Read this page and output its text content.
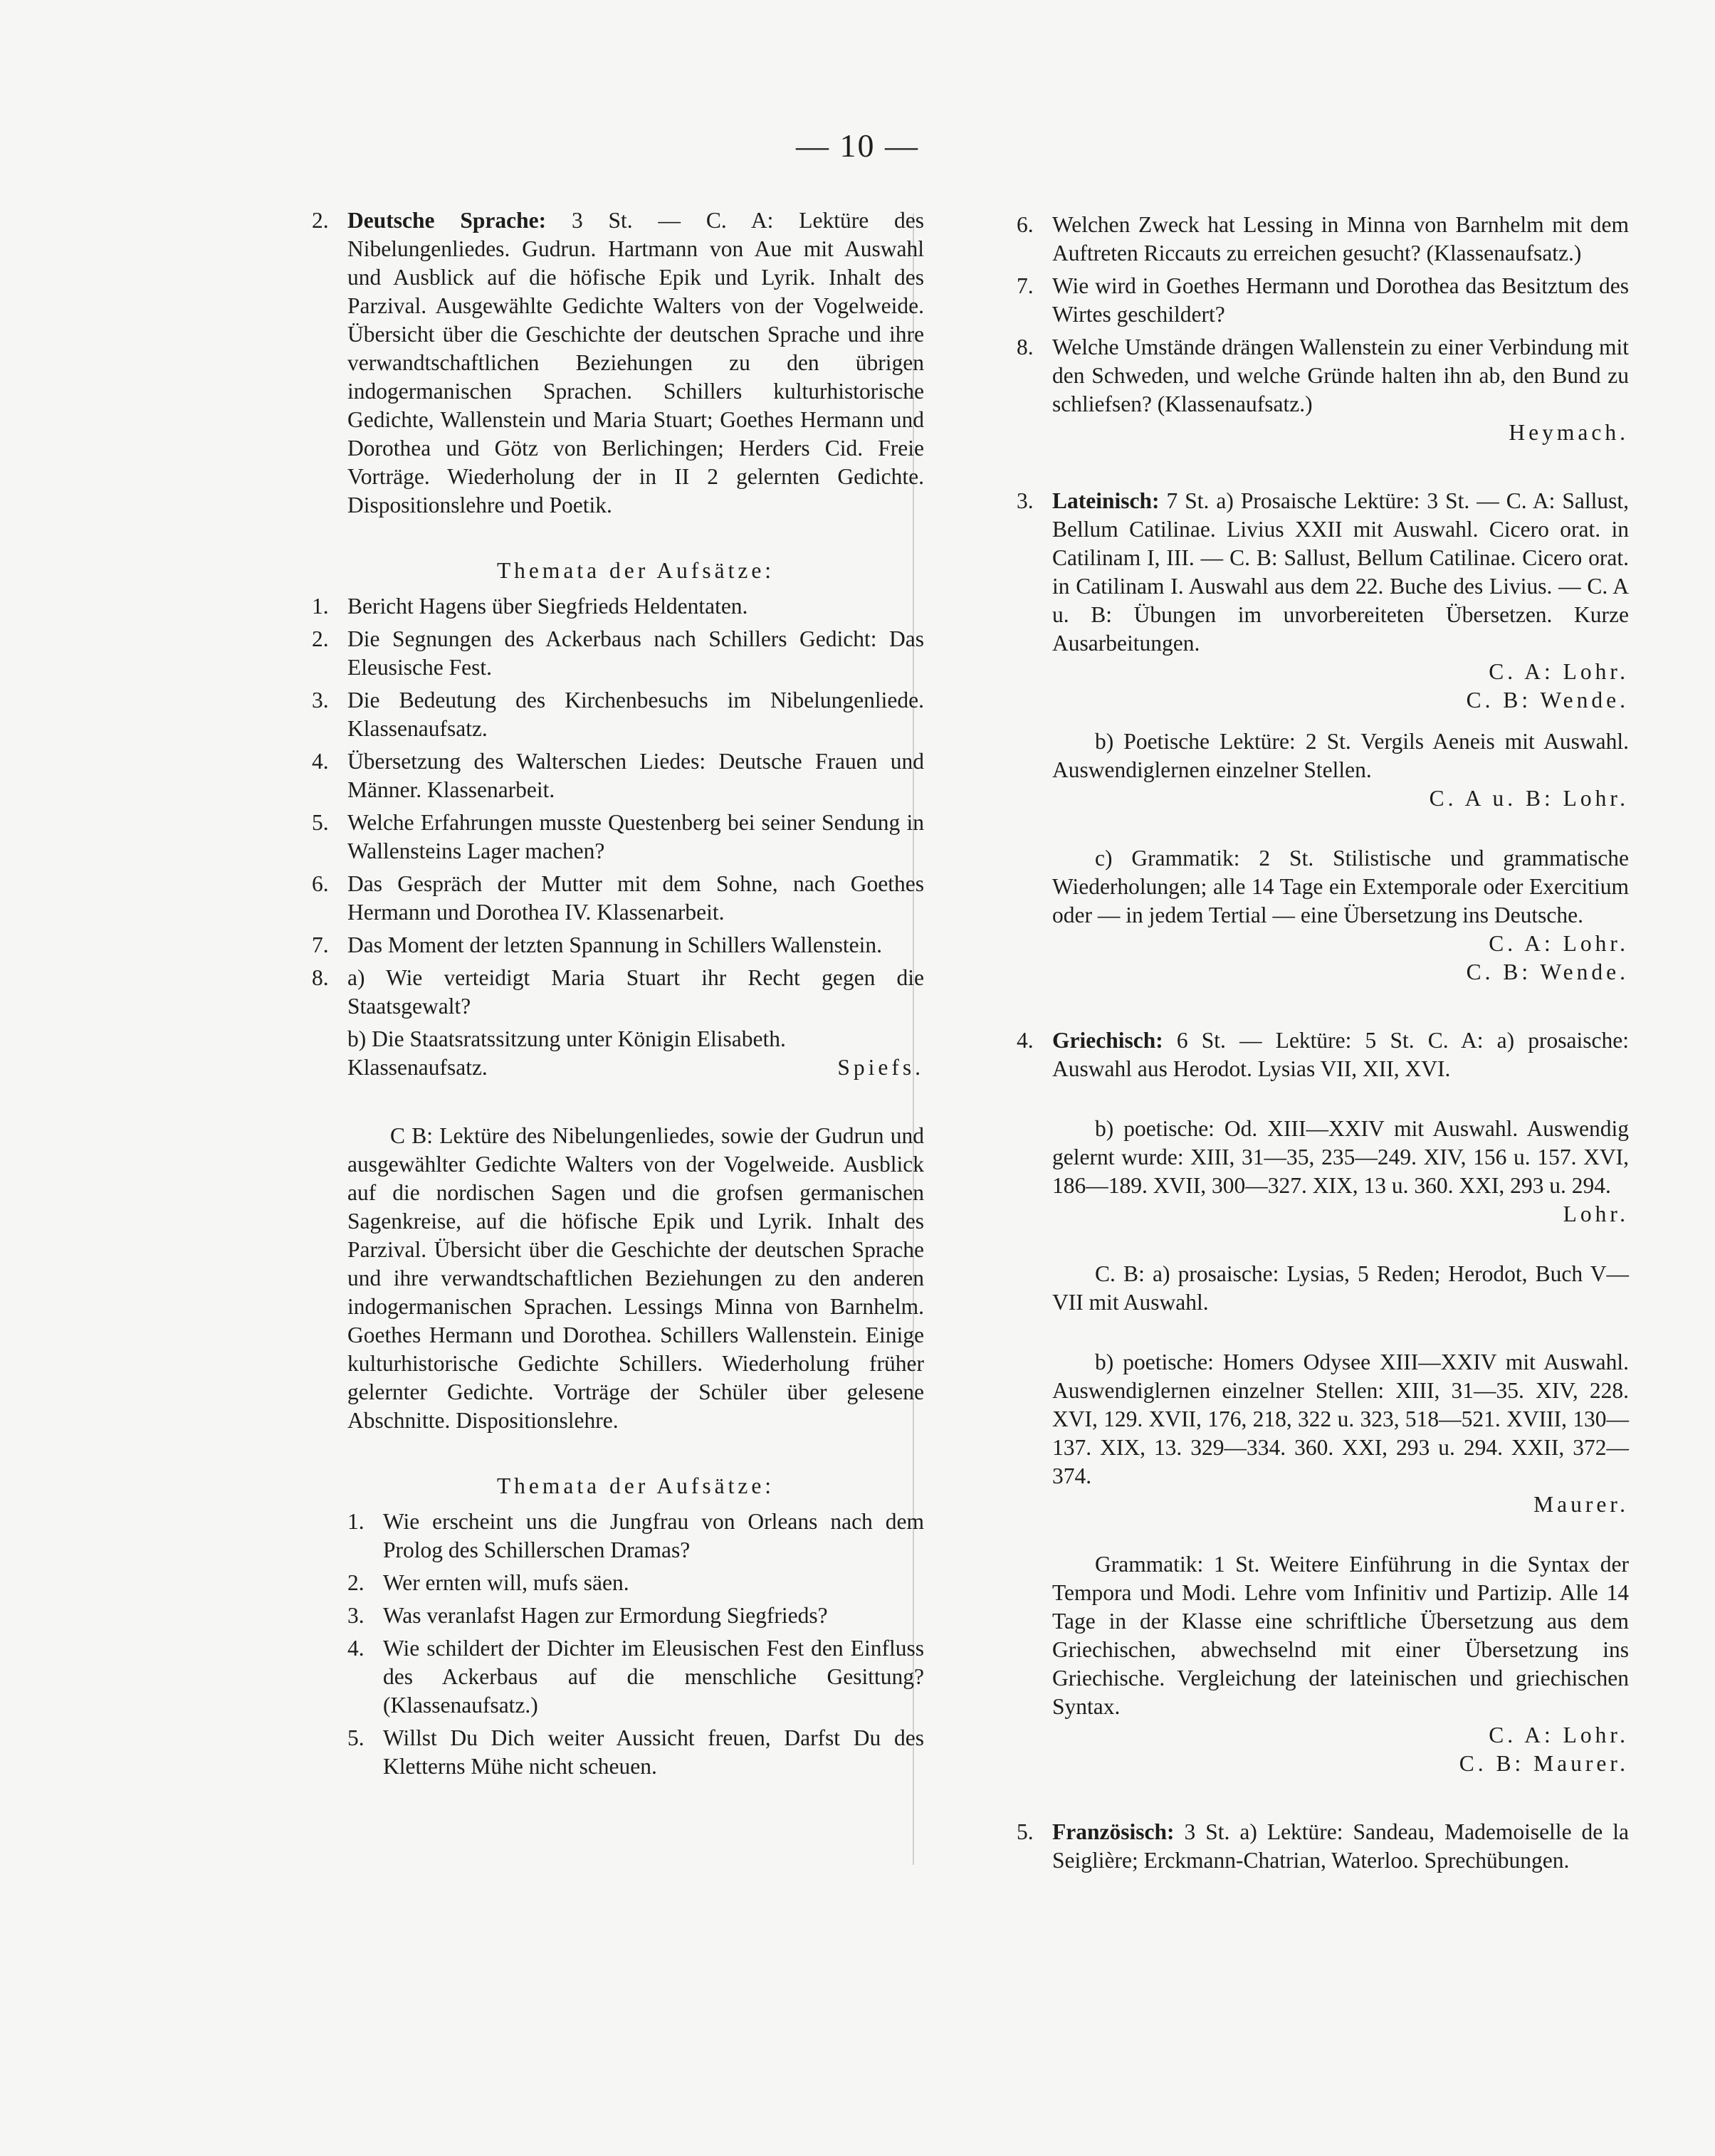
— 10 —
2. Deutsche Sprache: 3 St. — C. A: Lektüre des Nibelungenliedes. Gudrun. Hartmann von Aue mit Auswahl und Ausblick auf die höfische Epik und Lyrik. Inhalt des Parzival. Ausgewählte Gedichte Walters von der Vogelweide. Übersicht über die Geschichte der deutschen Sprache und ihre verwandtschaftlichen Beziehungen zu den übrigen indogermanischen Sprachen. Schillers kulturhistorische Gedichte, Wallenstein und Maria Stuart; Goethes Hermann und Dorothea und Götz von Berlichingen; Herders Cid. Freie Vorträge. Wiederholung der in II 2 gelernten Gedichte. Dispositionslehre und Poetik.
Themata der Aufsätze:
1. Bericht Hagens über Siegfrieds Heldentaten.
2. Die Segnungen des Ackerbaus nach Schillers Gedicht: Das Eleusische Fest.
3. Die Bedeutung des Kirchenbesuchs im Nibelungenliede. Klassenaufsatz.
4. Übersetzung des Walterschen Liedes: Deutsche Frauen und Männer. Klassenarbeit.
5. Welche Erfahrungen musste Questenberg bei seiner Sendung in Wallensteins Lager machen?
6. Das Gespräch der Mutter mit dem Sohne, nach Goethes Hermann und Dorothea IV. Klassenarbeit.
7. Das Moment der letzten Spannung in Schillers Wallenstein.
8. a) Wie verteidigt Maria Stuart ihr Recht gegen die Staatsgewalt?
b) Die Staatsratssitzung unter Königin Elisabeth.
Klassenaufsatz.	Spiefs.
C B: Lektüre des Nibelungenliedes, sowie der Gudrun und ausgewählter Gedichte Walters von der Vogelweide. Ausblick auf die nordischen Sagen und die grofsen germanischen Sagenkreise, auf die höfische Epik und Lyrik. Inhalt des Parzival. Übersicht über die Geschichte der deutschen Sprache und ihre verwandtschaftlichen Beziehungen zu den anderen indogermanischen Sprachen. Lessings Minna von Barnhelm. Goethes Hermann und Dorothea. Schillers Wallenstein. Einige kulturhistorische Gedichte Schillers. Wiederholung früher gelernter Gedichte. Vorträge der Schüler über gelesene Abschnitte. Dispositionslehre.
Themata der Aufsätze:
1. Wie erscheint uns die Jungfrau von Orleans nach dem Prolog des Schillerschen Dramas?
2. Wer ernten will, mufs säen.
3. Was veranlafst Hagen zur Ermordung Siegfrieds?
4. Wie schildert der Dichter im Eleusischen Fest den Einfluss des Ackerbaus auf die menschliche Gesittung? (Klassenaufsatz.)
5. Willst Du Dich weiter Aussicht freuen, Darfst Du des Kletterns Mühe nicht scheuen.
6. Welchen Zweck hat Lessing in Minna von Barnhelm mit dem Auftreten Riccauts zu erreichen gesucht? (Klassenaufsatz.)
7. Wie wird in Goethes Hermann und Dorothea das Besitztum des Wirtes geschildert?
8. Welche Umstände drängen Wallenstein zu einer Verbindung mit den Schweden, und welche Gründe halten ihn ab, den Bund zu schliefsen? (Klassenaufsatz.)
Heymach.
3. Lateinisch: 7 St. a) Prosaische Lektüre: 3 St. — C. A: Sallust, Bellum Catilinae. Livius XXII mit Auswahl. Cicero orat. in Catilinam I, III. — C. B: Sallust, Bellum Catilinae. Cicero orat. in Catilinam I. Auswahl aus dem 22. Buche des Livius. — C. A u. B: Übungen im unvorbereiteten Übersetzen. Kurze Ausarbeitungen.
C. A: Lohr.
C. B: Wende.
b) Poetische Lektüre: 2 St. Vergils Aeneis mit Auswahl. Auswendiglernen einzelner Stellen.
C. A u. B: Lohr.
c) Grammatik: 2 St. Stilistische und grammatische Wiederholungen; alle 14 Tage ein Extemporale oder Exercitium oder — in jedem Tertial — eine Übersetzung ins Deutsche.
C. A: Lohr.
C. B: Wende.
4. Griechisch: 6 St. — Lektüre: 5 St. C. A: a) prosaische: Auswahl aus Herodot. Lysias VII, XII, XVI.
b) poetische: Od. XIII—XXIV mit Auswahl. Auswendig gelernt wurde: XIII, 31—35, 235—249. XIV, 156 u. 157. XVI, 186—189. XVII, 300—327. XIX, 13 u. 360. XXI, 293 u. 294.
Lohr.
C. B: a) prosaische: Lysias, 5 Reden; Herodot, Buch V—VII mit Auswahl.
b) poetische: Homers Odysee XIII—XXIV mit Auswahl. Auswendiglernen einzelner Stellen: XIII, 31—35. XIV, 228. XVI, 129. XVII, 176, 218, 322 u. 323, 518—521. XVIII, 130—137. XIX, 13. 329—334. 360. XXI, 293 u. 294. XXII, 372—374.
Maurer.
Grammatik: 1 St. Weitere Einführung in die Syntax der Tempora und Modi. Lehre vom Infinitiv und Partizip. Alle 14 Tage in der Klasse eine schriftliche Übersetzung aus dem Griechischen, abwechselnd mit einer Übersetzung ins Griechische. Vergleichung der lateinischen und griechischen Syntax.
C. A: Lohr.
C. B: Maurer.
5. Französisch: 3 St. a) Lektüre: Sandeau, Mademoiselle de la Seiglière; Erckmann-Chatrian, Waterloo. Sprechübungen.
